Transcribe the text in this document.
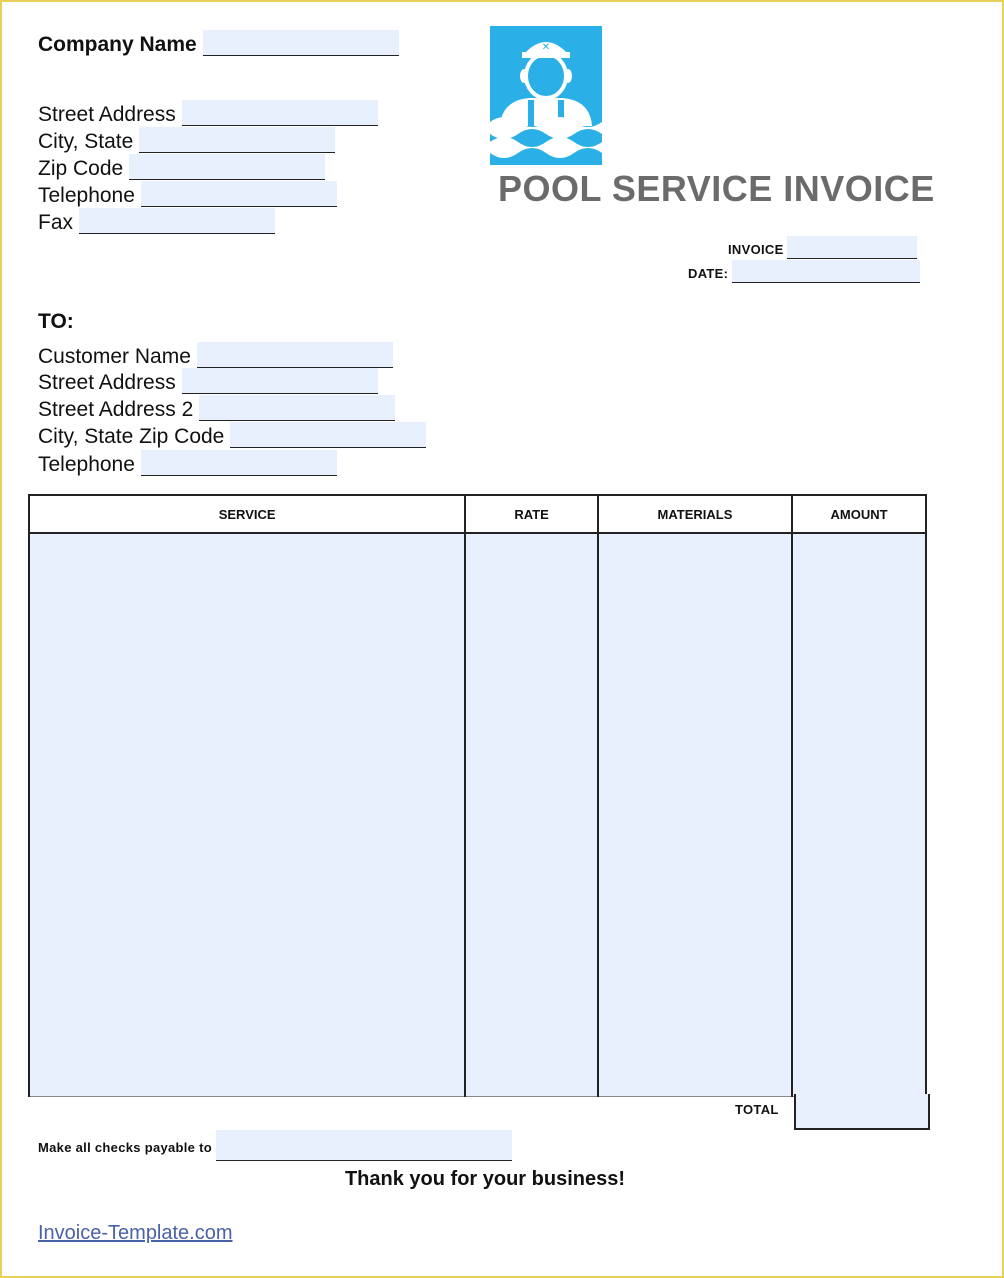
Company Name
Street Address
City, State
Zip Code
Telephone
Fax
✕
POOL SERVICE INVOICE
INVOICE
DATE:
TO:
Customer Name
Street Address
Street Address 2
City, State Zip Code
Telephone
SERVICE	RATE	MATERIALS	AMOUNT

TOTAL
Make all checks payable to
Thank you for your business!
Invoice-Template.com
